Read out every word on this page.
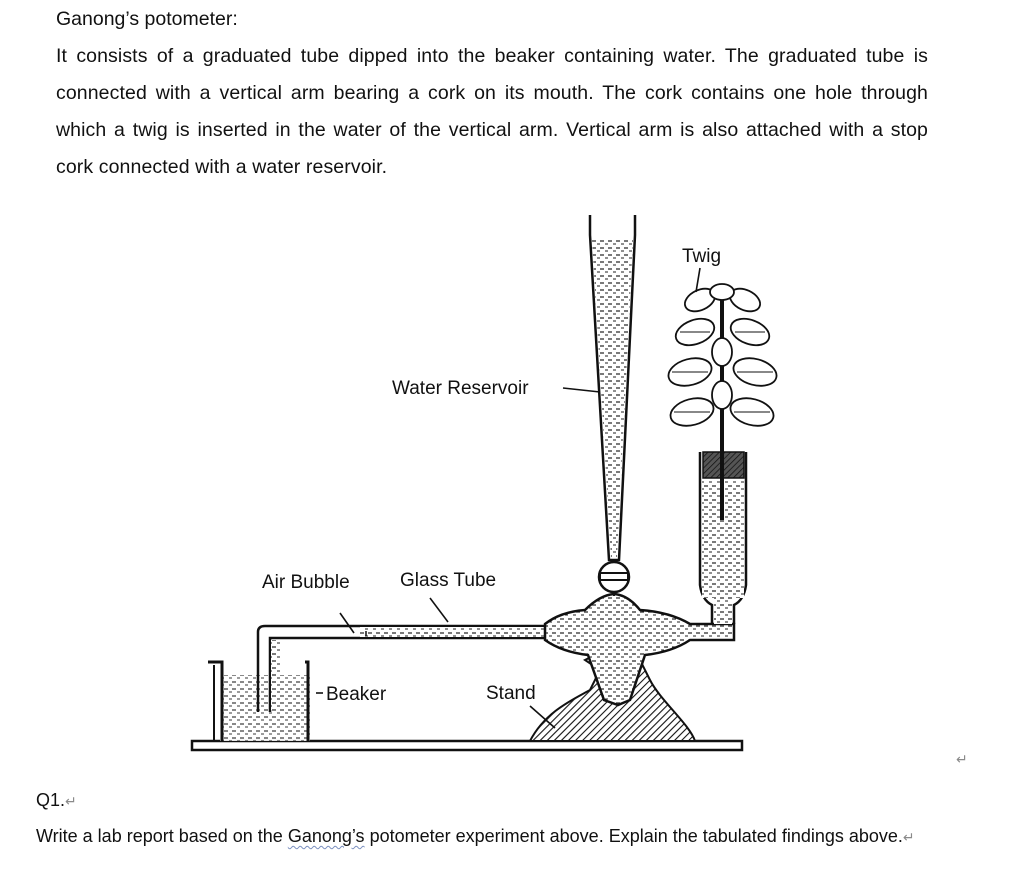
Ganong’s potometer:
It consists of a graduated tube dipped into the beaker containing water. The graduated tube is connected with a vertical arm bearing a cork on its mouth. The cork contains one hole through which a twig is inserted in the water of the vertical arm. Vertical arm is also attached with a stop cork connected with a water reservoir.
Twig
Water Reservoir
Air Bubble	Glass Tube
Beaker	Stand
↵
Q1.↵
Write a lab report based on the Ganong’s potometer experiment above. Explain the tabulated findings above.↵
